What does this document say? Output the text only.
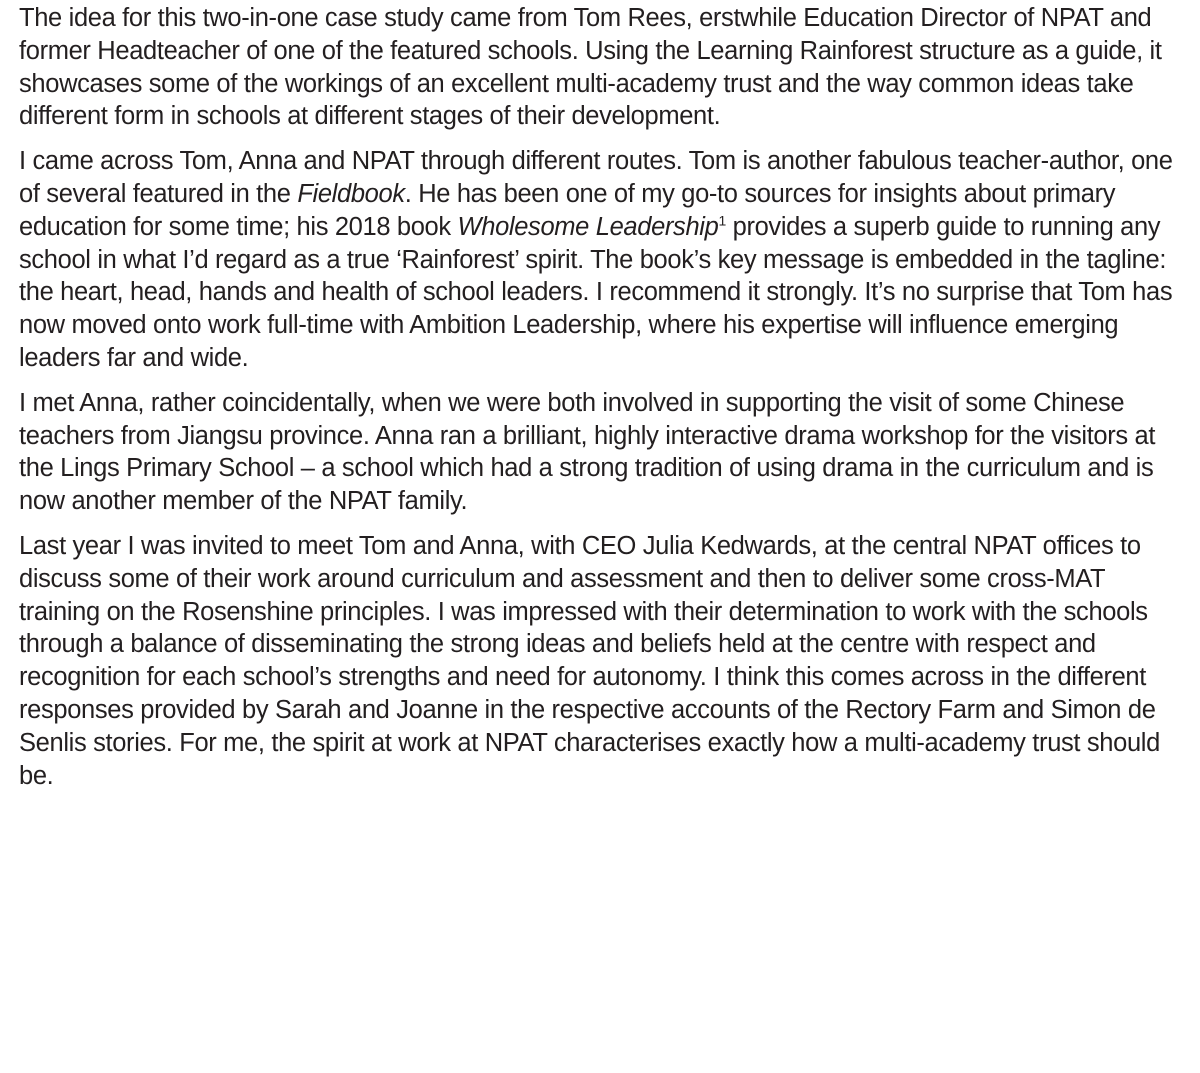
The idea for this two-in-one case study came from Tom Rees, erstwhile Education Director of NPAT and former Headteacher of one of the featured schools. Using the Learning Rainforest structure as a guide, it showcases some of the workings of an excellent multi-academy trust and the way common ideas take different form in schools at different stages of their development.

I came across Tom, Anna and NPAT through different routes. Tom is another fabulous teacher-author, one of several featured in the Fieldbook. He has been one of my go-to sources for insights about primary education for some time; his 2018 book Wholesome Leadership$^1$ provides a superb guide to running any school in what I’d regard as a true ‘Rainforest’ spirit. The book’s key message is embedded in the tagline: the heart, head, hands and health of school leaders. I recommend it strongly. It’s no surprise that Tom has now moved onto work full-time with Ambition Leadership, where his expertise will influence emerging leaders far and wide.

I met Anna, rather coincidentally, when we were both involved in supporting the visit of some Chinese teachers from Jiangsu province. Anna ran a brilliant, highly interactive drama workshop for the visitors at the Lings Primary School – a school which had a strong tradition of using drama in the curriculum and is now another member of the NPAT family.

Last year I was invited to meet Tom and Anna, with CEO Julia Kedwards, at the central NPAT offices to discuss some of their work around curriculum and assessment and then to deliver some cross-MAT training on the Rosenshine principles. I was impressed with their determination to work with the schools through a balance of disseminating the strong ideas and beliefs held at the centre with respect and recognition for each school’s strengths and need for autonomy. I think this comes across in the different responses provided by Sarah and Joanne in the respective accounts of the Rectory Farm and Simon de Senlis stories. For me, the spirit at work at NPAT characterises exactly how a multi-academy trust should be.
